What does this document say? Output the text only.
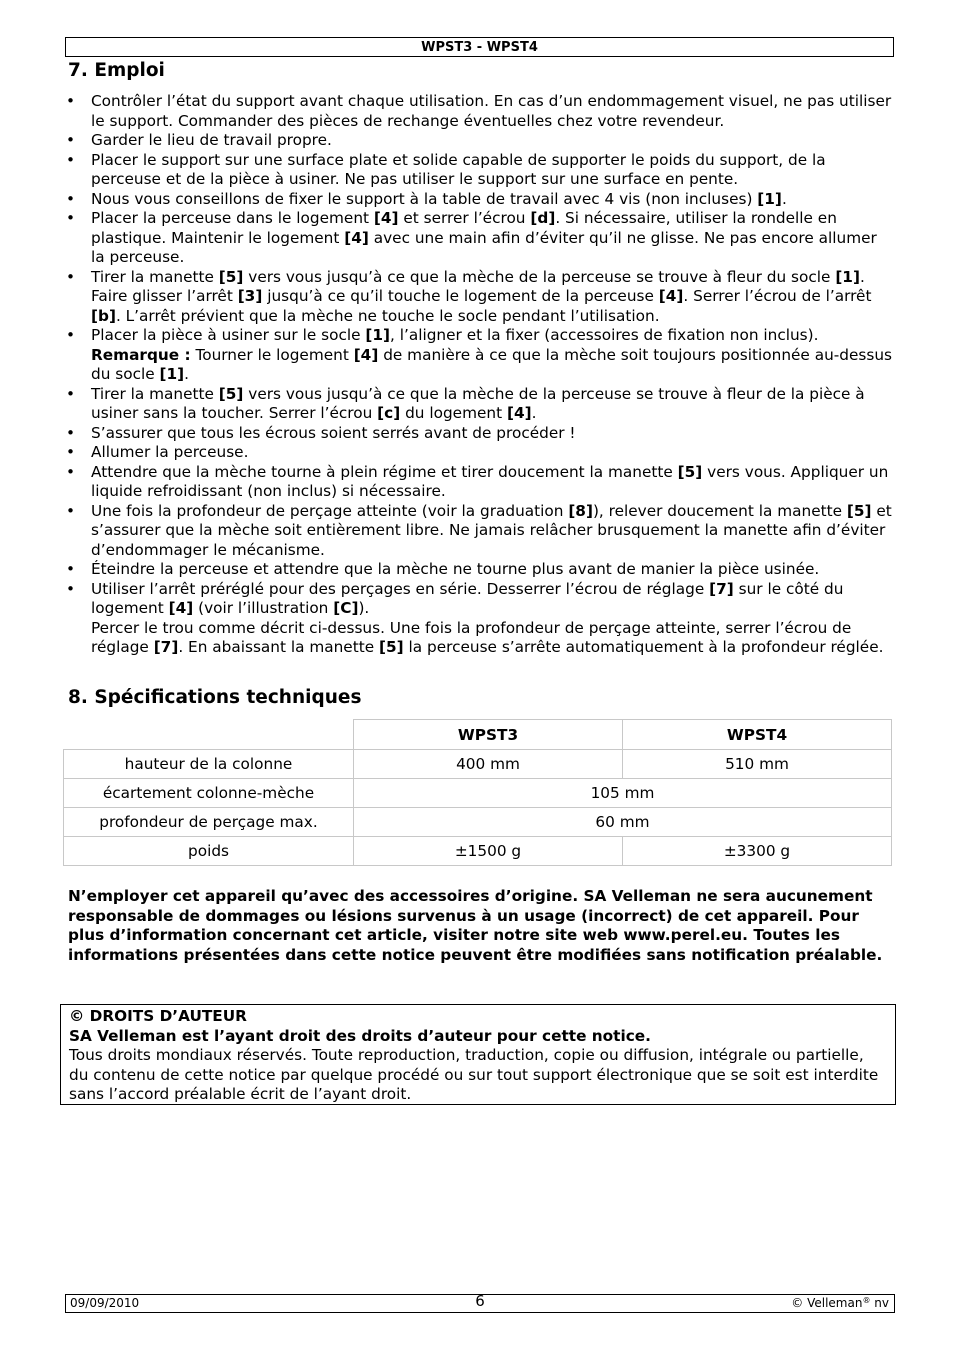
WPST3 - WPST4
7. Emploi
• Contrôler l’état du support avant chaque utilisation. En cas d’un endommagement visuel, ne pas utiliser le support. Commander des pièces de rechange éventuelles chez votre revendeur.
• Garder le lieu de travail propre.
• Placer le support sur une surface plate et solide capable de supporter le poids du support, de la perceuse et de la pièce à usiner. Ne pas utiliser le support sur une surface en pente.
• Nous vous conseillons de fixer le support à la table de travail avec 4 vis (non incluses) [1].
• Placer la perceuse dans le logement [4] et serrer l’écrou [d]. Si nécessaire, utiliser la rondelle en plastique. Maintenir le logement [4] avec une main afin d’éviter qu’il ne glisse. Ne pas encore allumer la perceuse.
• Tirer la manette [5] vers vous jusqu’à ce que la mèche de la perceuse se trouve à fleur du socle [1]. Faire glisser l’arrêt [3] jusqu’à ce qu’il touche le logement de la perceuse [4]. Serrer l’écrou de l’arrêt [b]. L’arrêt prévient que la mèche ne touche le socle pendant l’utilisation.
• Placer la pièce à usiner sur le socle [1], l’aligner et la fixer (accessoires de fixation non inclus). Remarque : Tourner le logement [4] de manière à ce que la mèche soit toujours positionnée au-dessus du socle [1].
• Tirer la manette [5] vers vous jusqu’à ce que la mèche de la perceuse se trouve à fleur de la pièce à usiner sans la toucher. Serrer l’écrou [c] du logement [4].
• S’assurer que tous les écrous soient serrés avant de procéder !
• Allumer la perceuse.
• Attendre que la mèche tourne à plein régime et tirer doucement la manette [5] vers vous. Appliquer un liquide refroidissant (non inclus) si nécessaire.
• Une fois la profondeur de perçage atteinte (voir la graduation [8]), relever doucement la manette [5] et s’assurer que la mèche soit entièrement libre. Ne jamais relâcher brusquement la manette afin d’éviter d’endommager le mécanisme.
• Éteindre la perceuse et attendre que la mèche ne tourne plus avant de manier la pièce usinée.
• Utiliser l’arrêt préréglé pour des perçages en série. Desserrer l’écrou de réglage [7] sur le côté du logement [4] (voir l’illustration [C]).
Percer le trou comme décrit ci-dessus. Une fois la profondeur de perçage atteinte, serrer l’écrou de réglage [7]. En abaissant la manette [5] la perceuse s’arrête automatiquement à la profondeur réglée.
8. Spécifications techniques
	WPST3	WPST4
hauteur de la colonne	400 mm	510 mm
écartement colonne-mèche	105 mm	
profondeur de perçage max.	60 mm	
poids	±1500 g	±3300 g

N’employer cet appareil qu’avec des accessoires d’origine. SA Velleman ne sera aucunement responsable de dommages ou lésions survenus à un usage (incorrect) de cet appareil. Pour plus d’information concernant cet article, visiter notre site web www.perel.eu. Toutes les informations présentées dans cette notice peuvent être modifiées sans notification préalable.

© DROITS D’AUTEUR
SA Velleman est l’ayant droit des droits d’auteur pour cette notice.
Tous droits mondiaux réservés. Toute reproduction, traduction, copie ou diffusion, intégrale ou partielle, du contenu de cette notice par quelque procédé ou sur tout support électronique que se soit est interdite sans l’accord préalable écrit de l’ayant droit.
09/09/2010	6	© Velleman® nv
